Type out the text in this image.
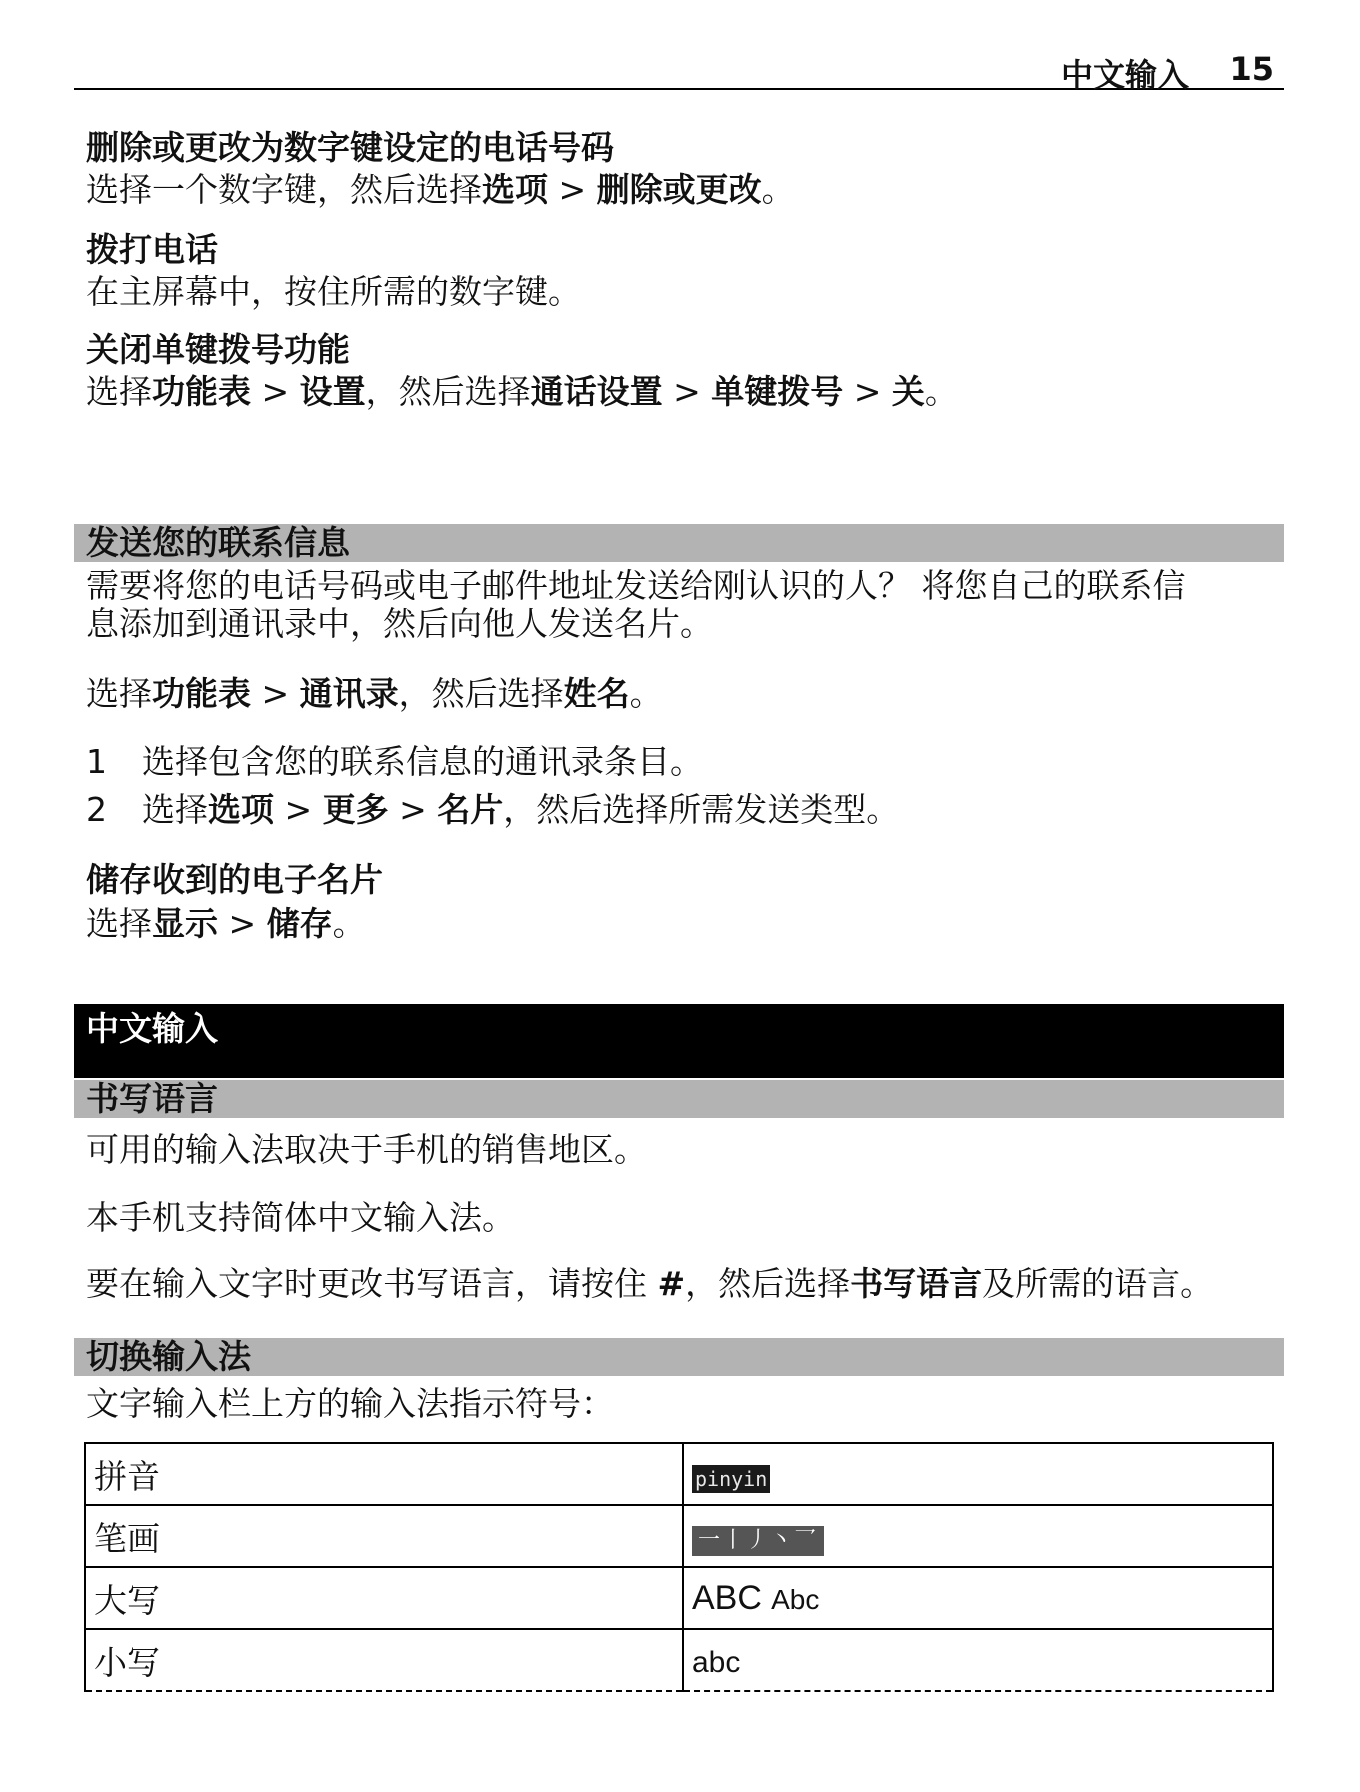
中文输入 15
删除或更改为数字键设定的电话号码
选择一个数字键，然后选择选项 > 删除或更改。
拨打电话
在主屏幕中，按住所需的数字键。
关闭单键拨号功能
选择功能表 > 设置，然后选择通话设置 > 单键拨号 > 关。
发送您的联系信息
需要将您的电话号码或电子邮件地址发送给刚认识的人？ 将您自己的联系信
息添加到通讯录中，然后向他人发送名片。
选择功能表 > 通讯录，然后选择姓名。
1 选择包含您的联系信息的通讯录条目。
2 选择选项 > 更多 > 名片，然后选择所需发送类型。
储存收到的电子名片
选择显示 > 储存。
中文输入
书写语言
可用的输入法取决于手机的销售地区。
本手机支持简体中文输入法。
要在输入文字时更改书写语言，请按住 #，然后选择书写语言及所需的语言。
切换输入法
文字输入栏上方的输入法指示符号：
拼音	pinyin
笔画	一丨丿丶乛
大写	ABC Abc
小写	abc
